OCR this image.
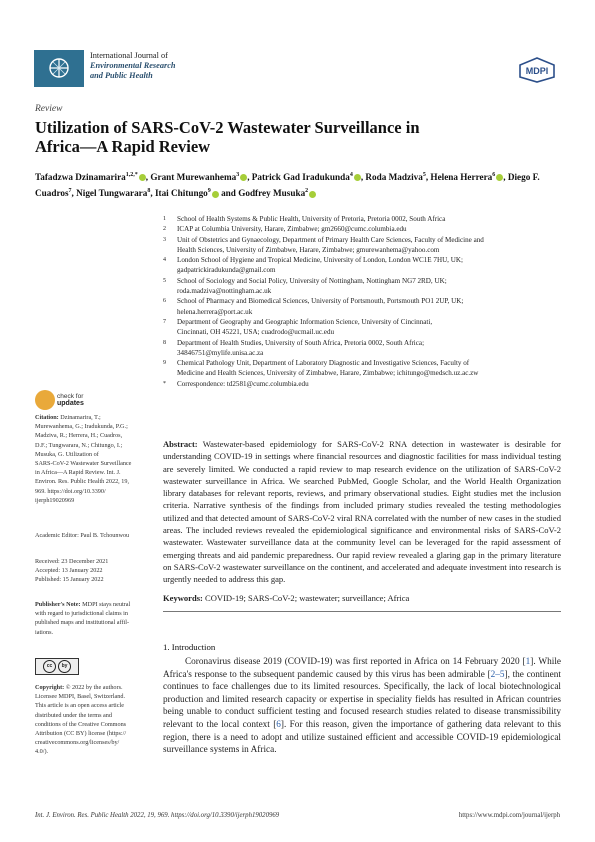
International Journal of
Environmental Research
and Public Health	MDPI
Review
Utilization of SARS-CoV-2 Wastewater Surveillance in
Africa—A Rapid Review
Tafadzwa Dzinamarira$^{1,2,*}$ , Grant Murewanhema$^3$ , Patrick Gad Iradukunda$^4$ , Roda Madziva$^5$, Helena Herrera$^6$ , Diego F. Cuadros$^7$, Nigel Tungwarara$^8$, Itai Chitungo$^9$ and Godfrey Musuka$^2$
1	School of Health Systems & Public Health, University of Pretoria, Pretoria 0002, South Africa
2	ICAP at Columbia University, Harare, Zimbabwe; gm2660@cumc.columbia.edu
3	Unit of Obstetrics and Gynaecology, Department of Primary Health Care Sciences, Faculty of Medicine and
Health Sciences, University of Zimbabwe, Harare, Zimbabwe; gmurewanhema@yahoo.com
4	London School of Hygiene and Tropical Medicine, University of London, London WC1E 7HU, UK;
gadpatrickiradukunda@gmail.com
5	School of Sociology and Social Policy, University of Nottingham, Nottingham NG7 2RD, UK;
roda.madziva@nottingham.ac.uk
6	School of Pharmacy and Biomedical Sciences, University of Portsmouth, Portsmouth PO1 2UP, UK;
helena.herrera@port.ac.uk
7	Department of Geography and Geographic Information Science, University of Cincinnati,
Cincinnati, OH 45221, USA; cuadrodo@ucmail.uc.edu
8	Department of Health Studies, University of South Africa, Pretoria 0002, South Africa;
34846751@mylife.unisa.ac.za
9	Chemical Pathology Unit, Department of Laboratory Diagnostic and Investigative Sciences, Faculty of
Medicine and Health Sciences, University of Zimbabwe, Harare, Zimbabwe; ichitungo@medsch.uz.ac.zw
*	Correspondence: td2581@cumc.columbia.edu
check for
updates
Citation: Dzinamarira, T.;
Murewanhema, G.; Iradukunda, P.G.;
Madziva, R.; Herrera, H.; Cuadros,
D.F.; Tungwarara, N.; Chitungo, I.;
Musuka, G. Utilization of
SARS-CoV-2 Wastewater Surveillance
in Africa—A Rapid Review. Int. J.
Environ. Res. Public Health 2022, 19,
969. https://doi.org/10.3390/
ijerph19020969
Academic Editor: Paul B. Tchounwou
Received: 23 December 2021
Accepted: 13 January 2022
Published: 15 January 2022
Publisher's Note: MDPI stays neutral
with regard to jurisdictional claims in
published maps and institutional affil-
iations.
cc	by
Copyright: © 2022 by the authors.
Licensee MDPI, Basel, Switzerland.
This article is an open access article
distributed under the terms and
conditions of the Creative Commons
Attribution (CC BY) license (https://
creativecommons.org/licenses/by/
4.0/).
Abstract: Wastewater-based epidemiology for SARS-CoV-2 RNA detection in wastewater is desirable for understanding COVID-19 in settings where financial resources and diagnostic facilities for mass individual testing are severely limited. We conducted a rapid review to map research evidence on the utilization of SARS-CoV-2 wastewater surveillance in Africa. We searched PubMed, Google Scholar, and the World Health Organization library databases for relevant reports, reviews, and primary observational studies. Eight studies met the inclusion criteria. Narrative synthesis of the findings from included primary studies revealed the testing methodologies utilized and that detected amount of SARS-CoV-2 viral RNA correlated with the number of new cases in the studied areas. The included reviews revealed the epidemiological significance and environmental risks of SARS-CoV-2 wastewater. Wastewater surveillance data at the community level can be leveraged for the rapid assessment of emerging threats and aid pandemic preparedness. Our rapid review revealed a glaring gap in the primary literature on SARS-CoV-2 wastewater surveillance on the continent, and accelerated and adequate investment into research is urgently needed to address this gap.
Keywords: COVID-19; SARS-CoV-2; wastewater; surveillance; Africa
1. Introduction
Coronavirus disease 2019 (COVID-19) was first reported in Africa on 14 February 2020 [1]. While Africa's response to the subsequent pandemic caused by this virus has been admirable [2–5], the continent continues to face challenges due to its limited resources. Specifically, the lack of local biotechnological production and limited research capacity or expertise in speciality fields has resulted in African countries being unable to conduct sufficient testing and focused research studies related to disease transmissibility relevant to the local context [6]. For this reason, given the importance of gathering data relevant to this region, there is a need to adopt and utilize sustained efficient and accessible COVID-19 epidemiological surveillance systems in Africa.
Int. J. Environ. Res. Public Health 2022, 19, 969. https://doi.org/10.3390/ijerph19020969	https://www.mdpi.com/journal/ijerph
